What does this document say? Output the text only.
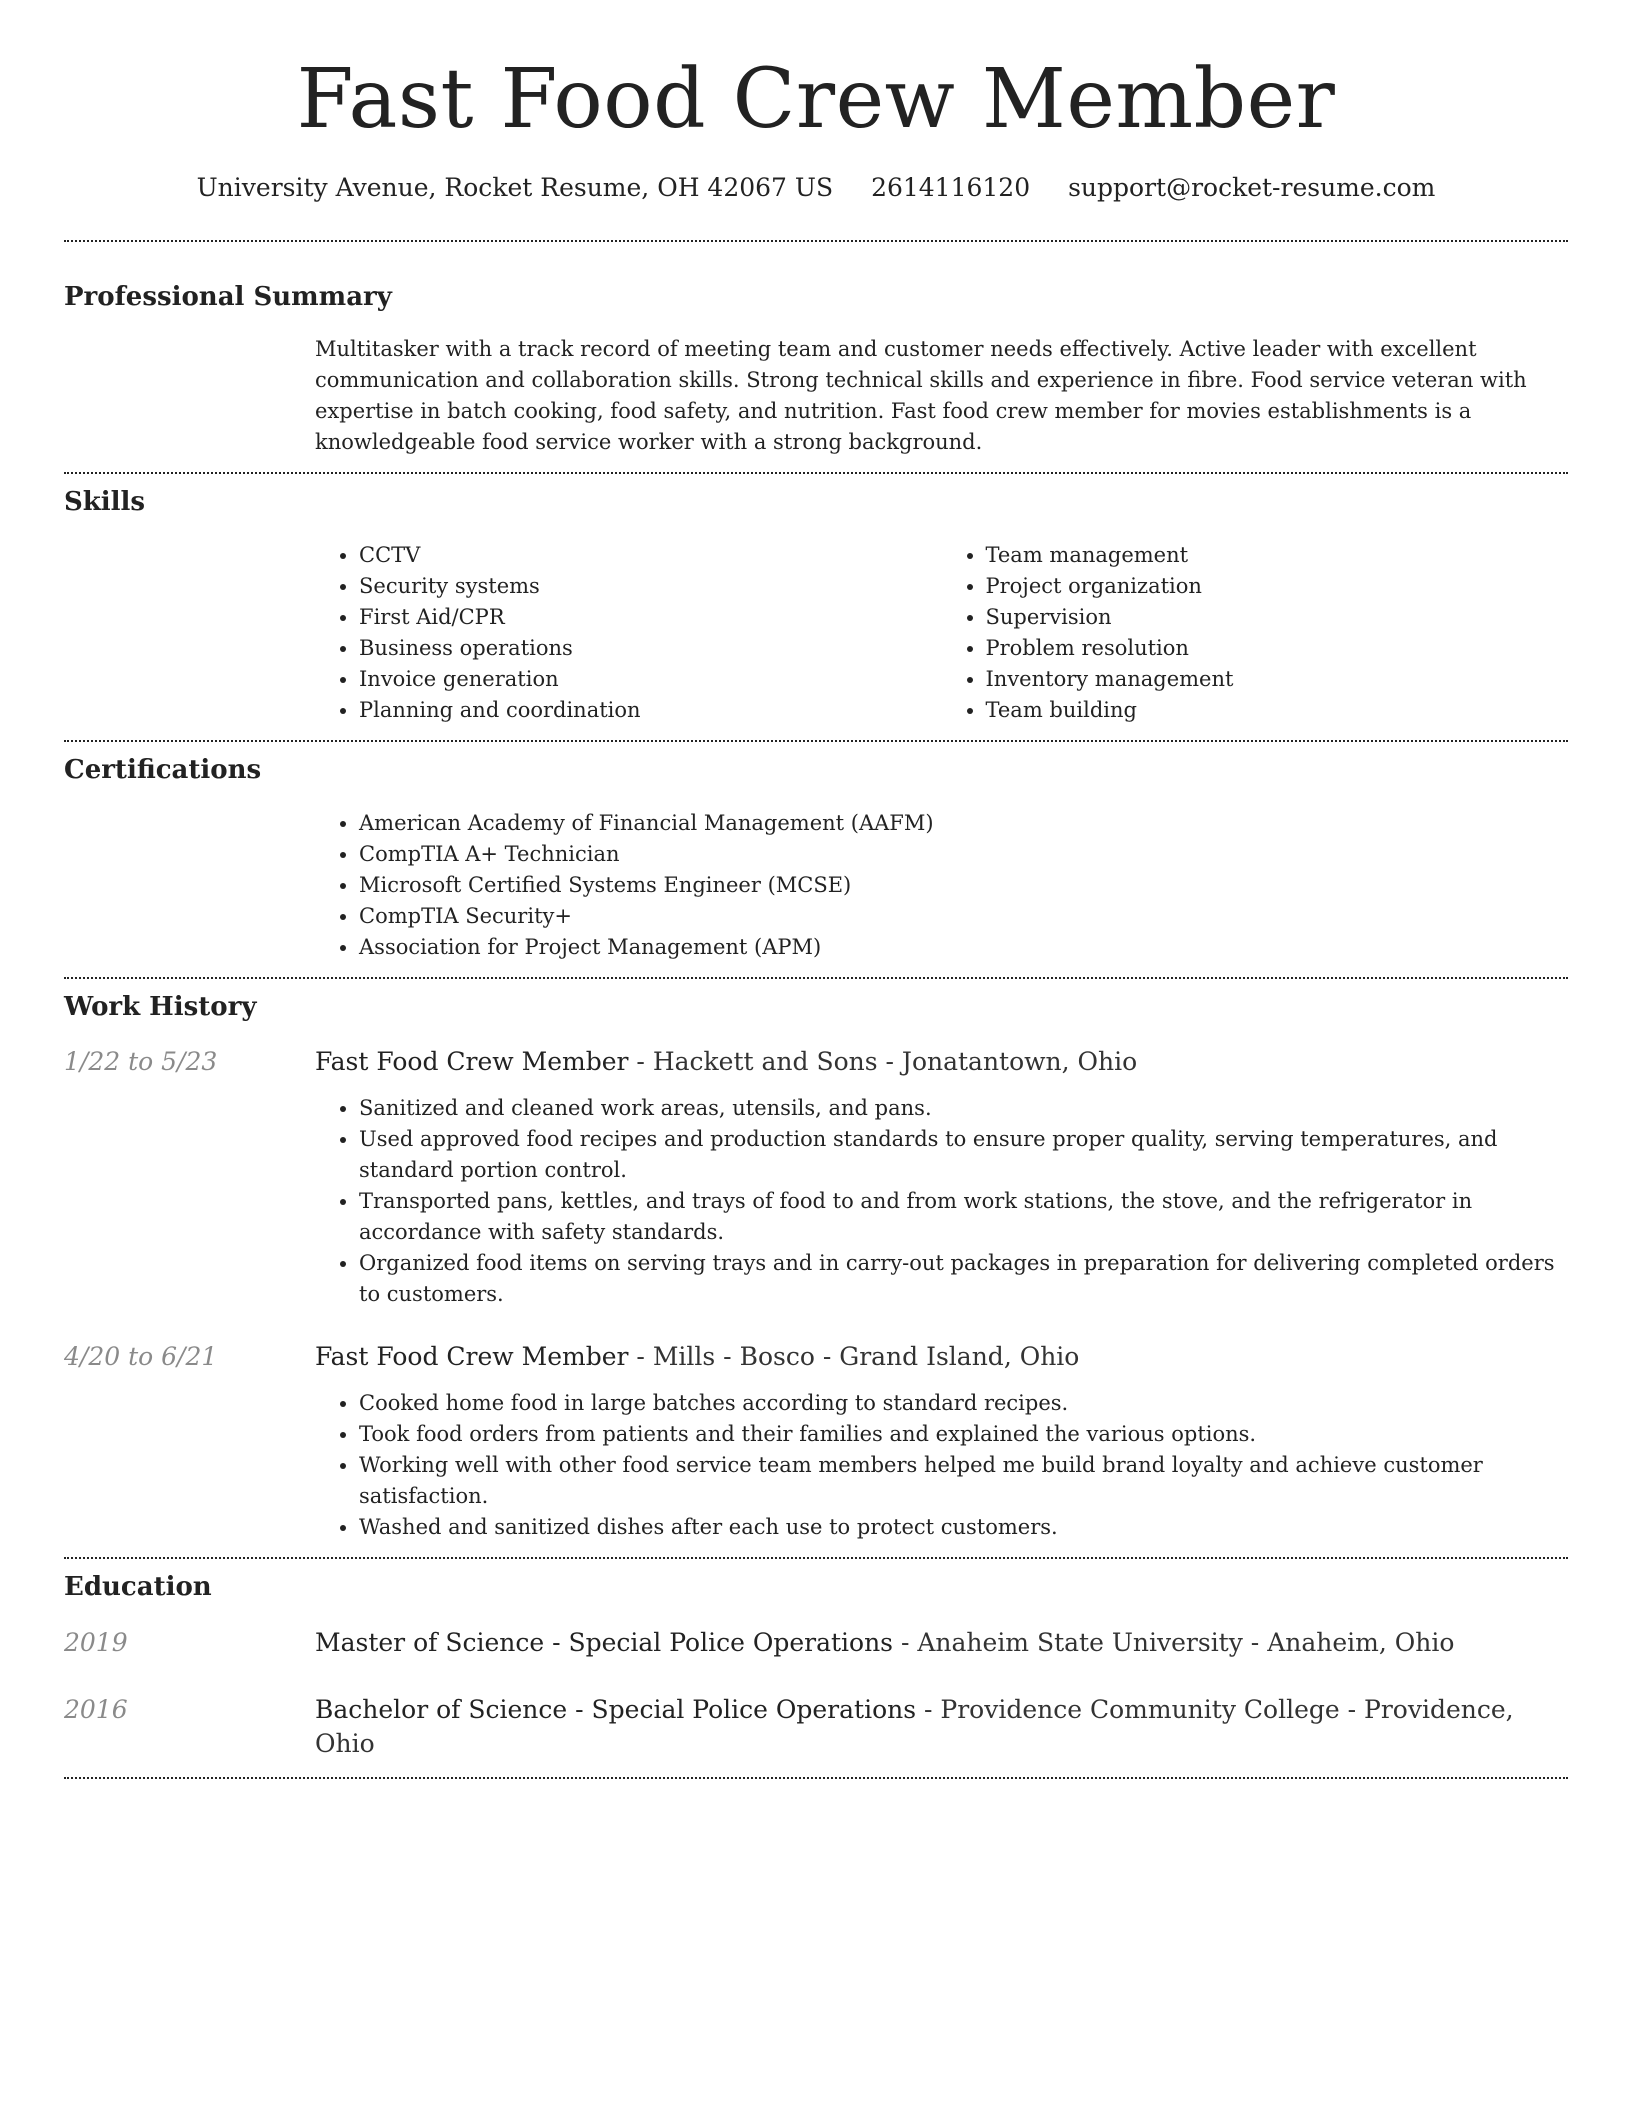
Fast Food Crew Member
University Avenue, Rocket Resume, OH 42067 US 2614116120 support@rocket-resume.com
Professional Summary

Multitasker with a track record of meeting team and customer needs effectively. Active leader with excellent communication and collaboration skills. Strong technical skills and experience in fibre. Food service veteran with expertise in batch cooking, food safety, and nutrition. Fast food crew member for movies establishments is a knowledgeable food service worker with a strong background.

Skills
• CCTV
• Security systems
• First Aid/CPR
• Business operations
• Invoice generation
• Planning and coordination
• Team management
• Project organization
• Supervision
• Problem resolution
• Inventory management
• Team building
Certifications
• American Academy of Financial Management (AAFM)
• CompTIA A+ Technician
• Microsoft Certified Systems Engineer (MCSE)
• CompTIA Security+
• Association for Project Management (APM)
Work History
1/22 to 5/23	Fast Food Crew Member - Hackett and Sons - Jonatantown, Ohio
• Sanitized and cleaned work areas, utensils, and pans.
• Used approved food recipes and production standards to ensure proper quality, serving temperatures, and standard portion control.
• Transported pans, kettles, and trays of food to and from work stations, the stove, and the refrigerator in accordance with safety standards.
• Organized food items on serving trays and in carry-out packages in preparation for delivering completed orders to customers.
4/20 to 6/21	Fast Food Crew Member - Mills - Bosco - Grand Island, Ohio
• Cooked home food in large batches according to standard recipes.
• Took food orders from patients and their families and explained the various options.
• Working well with other food service team members helped me build brand loyalty and achieve customer satisfaction.
• Washed and sanitized dishes after each use to protect customers.
Education
2019	Master of Science - Special Police Operations - Anaheim State University - Anaheim, Ohio
2016	Bachelor of Science - Special Police Operations - Providence Community College - Providence, Ohio
